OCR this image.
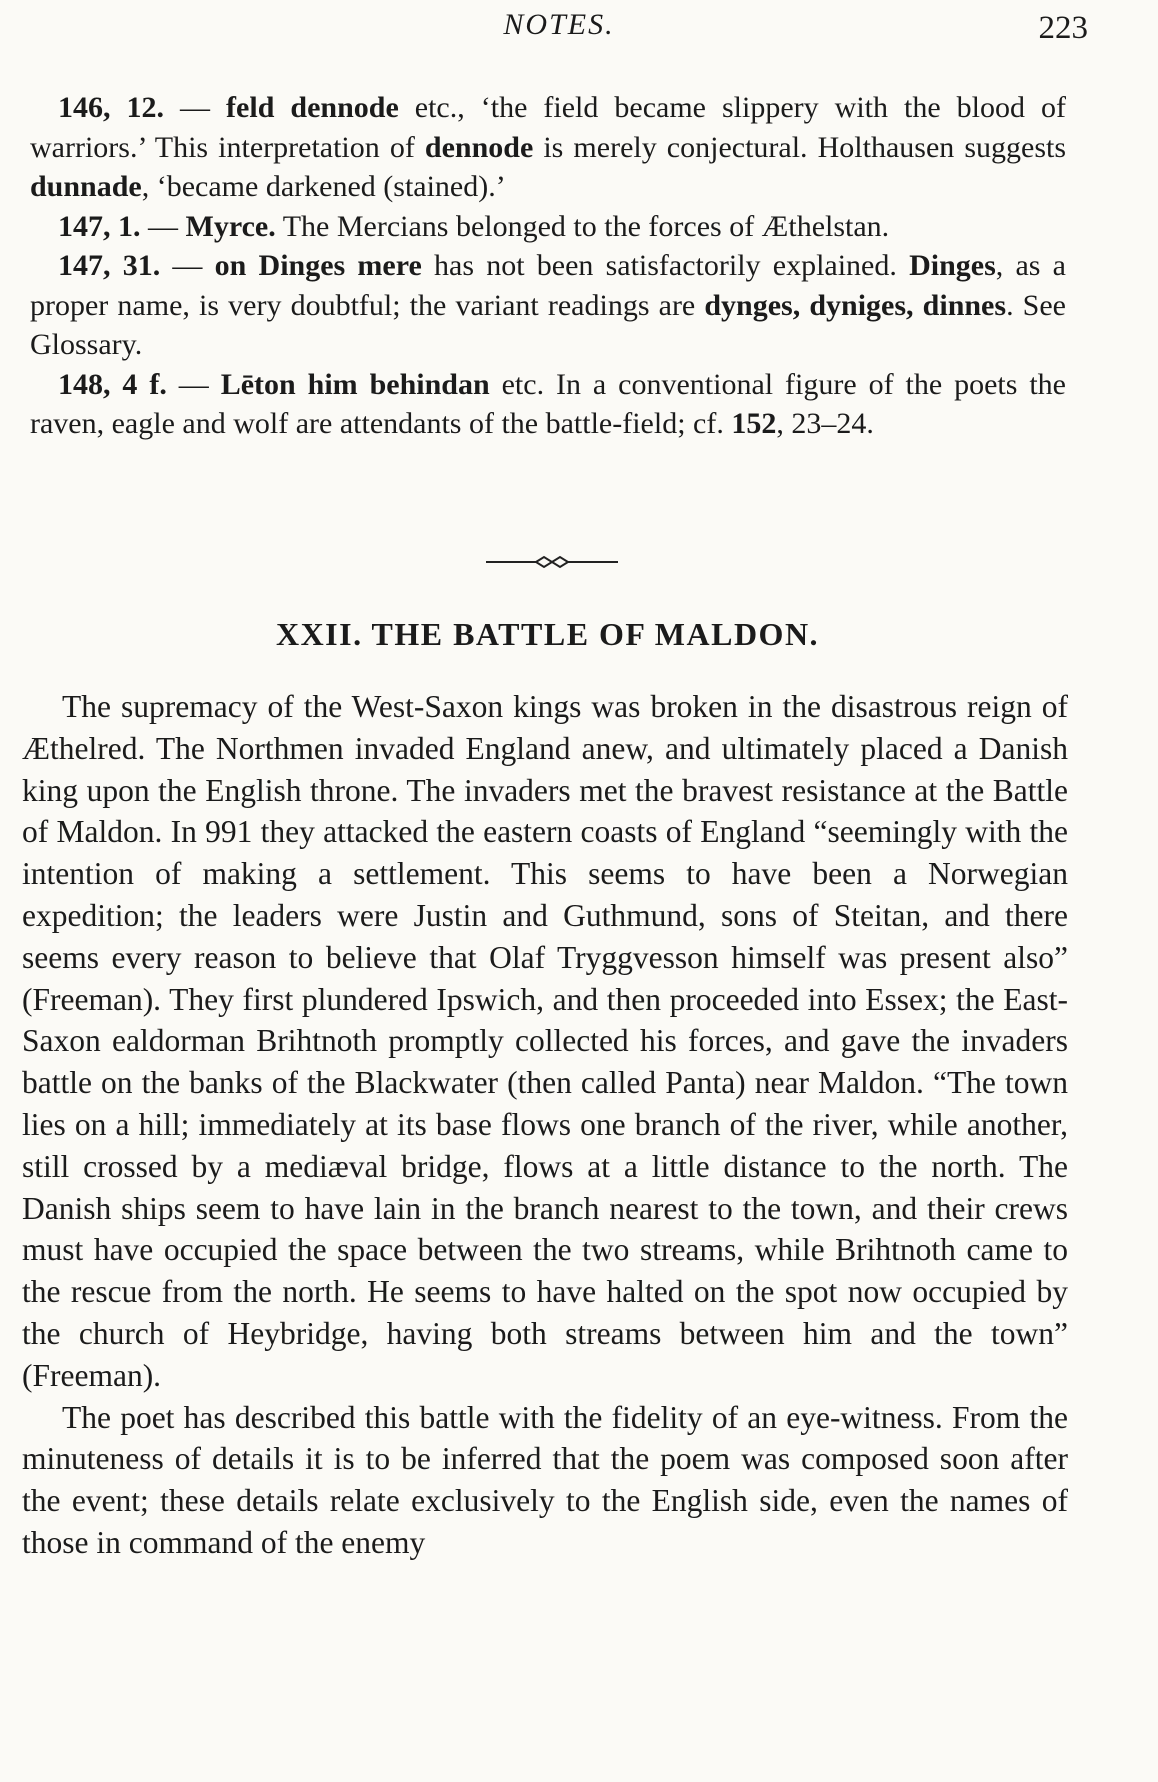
NOTES.	223

146, 12. — feld dennode etc., ‘the field became slippery with the blood of warriors.’ This interpretation of dennode is merely conjectural. Holthausen suggests dunnade, ‘became darkened (stained).’

147, 1. — Myrce. The Mercians belonged to the forces of Æthelstan.

147, 31. — on Dinges mere has not been satisfactorily explained. Dinges, as a proper name, is very doubtful; the variant readings are dynges, dyniges, dinnes. See Glossary.

148, 4 f. — Lēton him behindan etc. In a conventional figure of the poets the raven, eagle and wolf are attendants of the battle-field; cf. 152, 23–24.

XXII. THE BATTLE OF MALDON.

The supremacy of the West-Saxon kings was broken in the disastrous reign of Æthelred. The Northmen invaded England anew, and ultimately placed a Danish king upon the English throne. The invaders met the bravest resistance at the Battle of Maldon. In 991 they attacked the eastern coasts of England “seemingly with the intention of making a settlement. This seems to have been a Norwegian expedition; the leaders were Justin and Guthmund, sons of Steitan, and there seems every reason to believe that Olaf Tryggvesson himself was present also” (Freeman). They first plundered Ipswich, and then proceeded into Essex; the East-Saxon ealdorman Brihtnoth promptly collected his forces, and gave the invaders battle on the banks of the Blackwater (then called Panta) near Maldon. “The town lies on a hill; immediately at its base flows one branch of the river, while another, still crossed by a mediæval bridge, flows at a little distance to the north. The Danish ships seem to have lain in the branch nearest to the town, and their crews must have occupied the space between the two streams, while Brihtnoth came to the rescue from the north. He seems to have halted on the spot now occupied by the church of Heybridge, having both streams between him and the town” (Freeman).

The poet has described this battle with the fidelity of an eye-witness. From the minuteness of details it is to be inferred that the poem was composed soon after the event; these details relate exclusively to the English side, even the names of those in command of the enemy
